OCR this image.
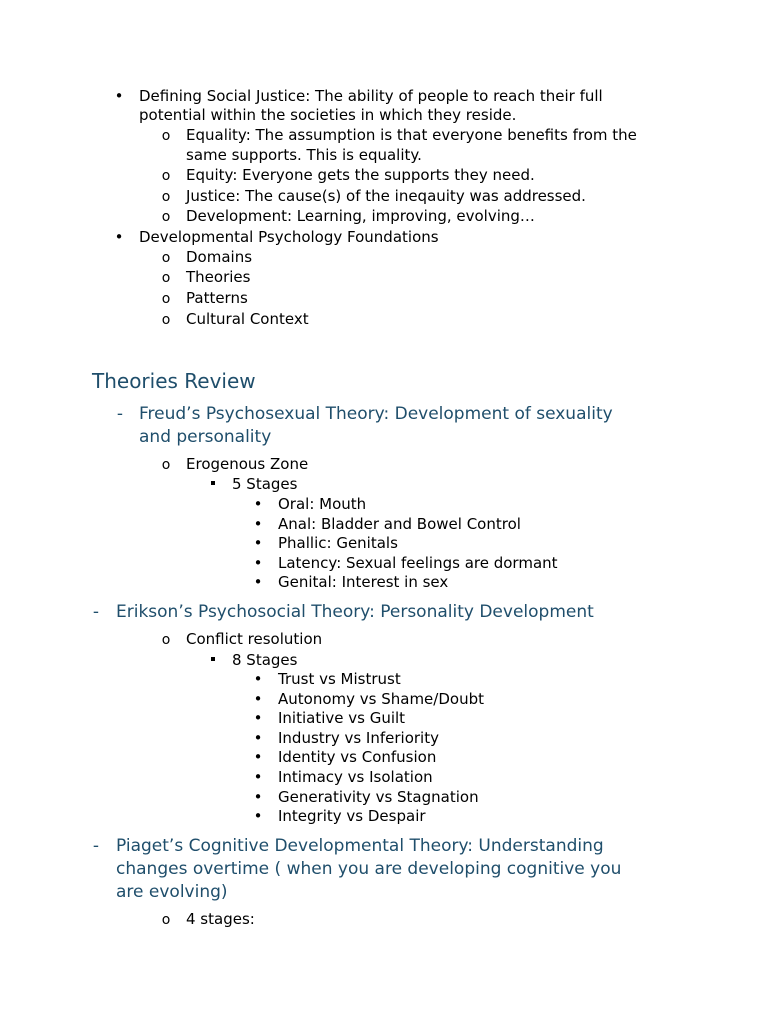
•
Defining Social Justice: The ability of people to reach their full
potential within the societies in which they reside.
o
Equality: The assumption is that everyone benefits from the
same supports. This is equality.
o
Equity: Everyone gets the supports they need.
o
Justice: The cause(s) of the ineqauity was addressed.
o
Development: Learning, improving, evolving…
•
Developmental Psychology Foundations
o
Domains
o
Theories
o
Patterns
o
Cultural Context
Theories Review
-
Freud’s Psychosexual Theory: Development of sexuality
and personality
o
Erogenous Zone
5 Stages
•
Oral: Mouth
•
Anal: Bladder and Bowel Control
•
Phallic: Genitals
•
Latency: Sexual feelings are dormant
•
Genital: Interest in sex
-
Erikson’s Psychosocial Theory: Personality Development
o
Conflict resolution
8 Stages
•
Trust vs Mistrust
•
Autonomy vs Shame/Doubt
•
Initiative vs Guilt
•
Industry vs Inferiority
•
Identity vs Confusion
•
Intimacy vs Isolation
•
Generativity vs Stagnation
•
Integrity vs Despair
-
Piaget’s Cognitive Developmental Theory: Understanding
changes overtime ( when you are developing cognitive you
are evolving)
o
4 stages:
